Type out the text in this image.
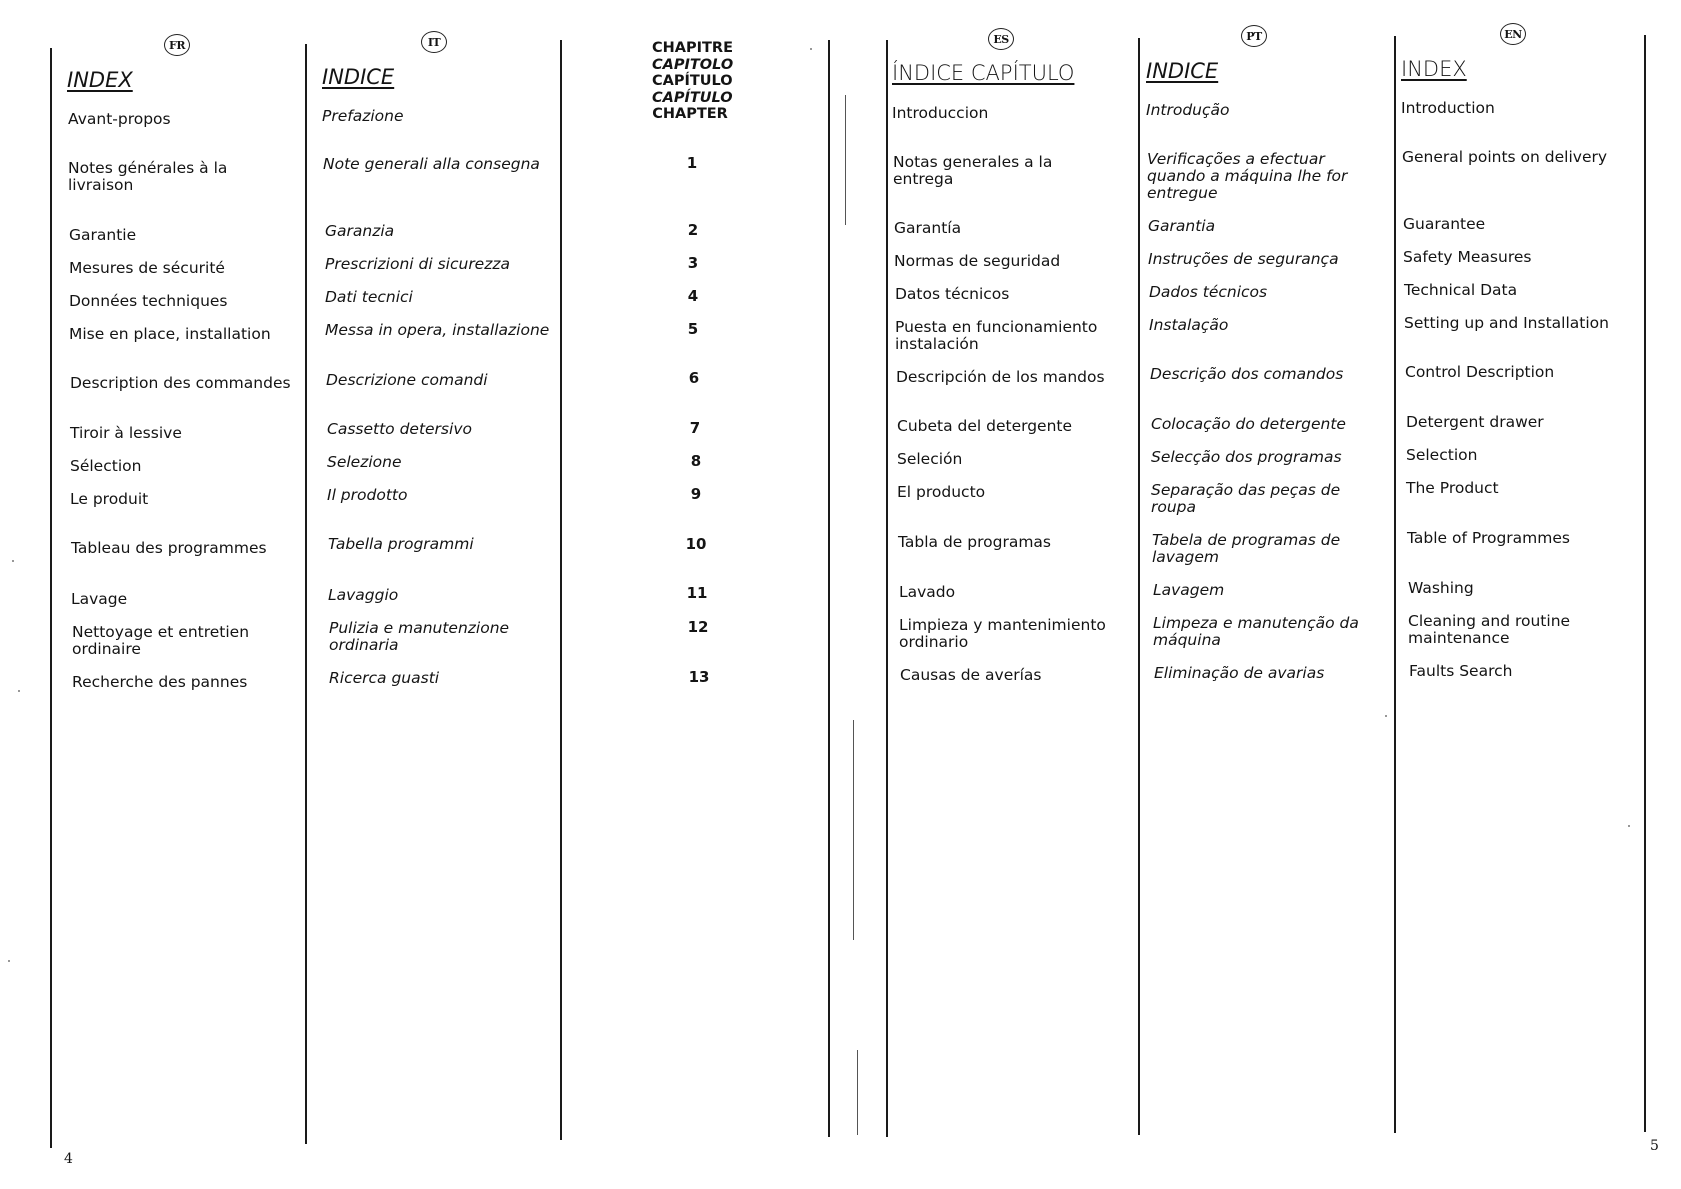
FR
INDEX
Avant-propos
Notes générales à la
livraison
Garantie
Mesures de sécurité
Données techniques
Mise en place, installation
Description des commandes
Tiroir à lessive
Sélection
Le produit
Tableau des programmes
Lavage
Nettoyage et entretien
ordinaire
Recherche des pannes
IT
INDICE
Prefazione
Note generali alla consegna
Garanzia
Prescrizioni di sicurezza
Dati tecnici
Messa in opera, installazione
Descrizione comandi
Cassetto detersivo
Selezione
Il prodotto
Tabella programmi
Lavaggio
Pulizia e manutenzione
ordinaria
Ricerca guasti
CHAPITRE
CAPITOLO
CAPÍTULO
CAPÍTULO
CHAPTER
1
2
3
4
5
6
7
8
9
10
11
12
13
ES
ÍNDICE CAPÍTULO
Introduccion
Notas generales a la
entrega
Garantía
Normas de seguridad
Datos técnicos
Puesta en funcionamiento
instalación
Descripción de los mandos
Cubeta del detergente
Seleción
El producto
Tabla de programas
Lavado
Limpieza y mantenimiento
ordinario
Causas de averías
PT
INDICE
Introdução
Verificações a efectuar
quando a máquina lhe for
entregue
Garantia
Instruções de segurança
Dados técnicos
Instalação
Descrição dos comandos
Colocação do detergente
Selecção dos programas
Separação das peças de
roupa
Tabela de programas de
lavagem
Lavagem
Limpeza e manutenção da
máquina
Eliminação de avarias
EN
INDEX
Introduction
General points on delivery
Guarantee
Safety Measures
Technical Data
Setting up and Installation
Control Description
Detergent drawer
Selection
The Product
Table of Programmes
Washing
Cleaning and routine
maintenance
Faults Search
4
5
